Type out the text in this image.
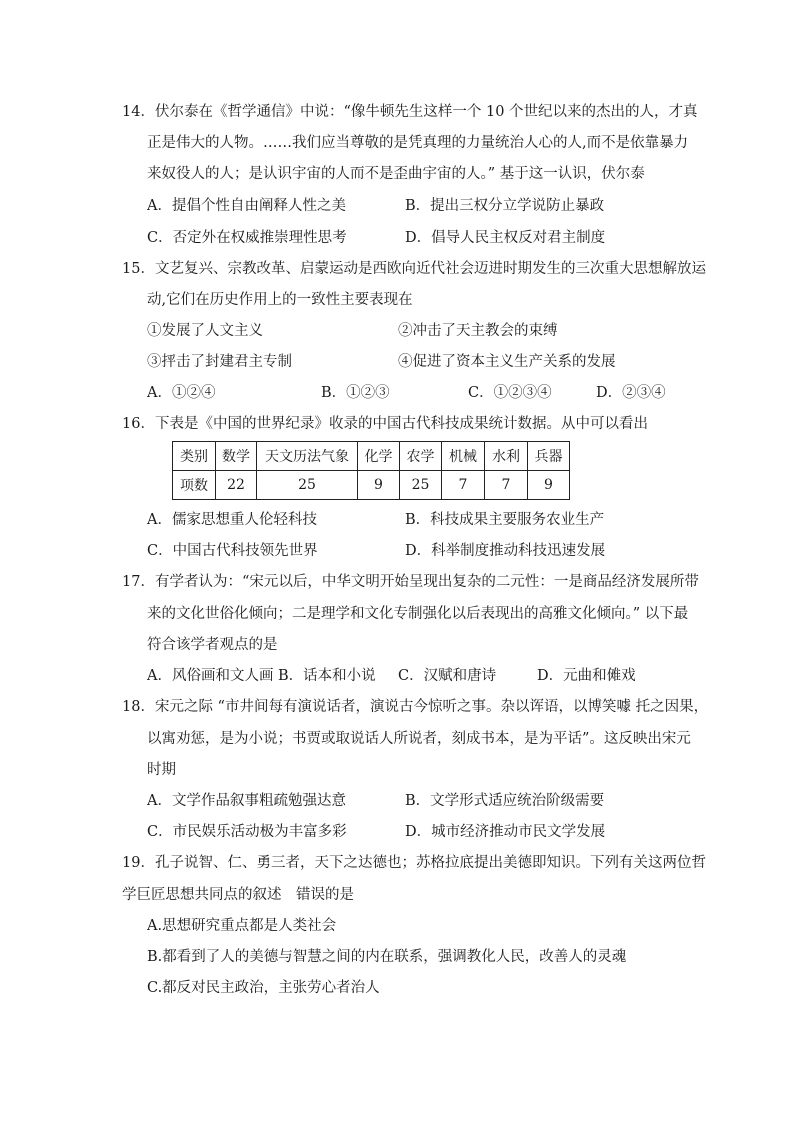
14．伏尔泰在《哲学通信》中说：“像牛顿先生这样一个 10 个世纪以来的杰出的人，才真
正是伟大的人物。……我们应当尊敬的是凭真理的力量统治人心的人,而不是依靠暴力
来奴役人的人；是认识宇宙的人而不是歪曲宇宙的人。” 基于这一认识，伏尔泰
A．提倡个性自由阐释人性之美	B．提出三权分立学说防止暴政
C．否定外在权威推崇理性思考	D．倡导人民主权反对君主制度
15．文艺复兴、宗教改革、启蒙运动是西欧向近代社会迈进时期发生的三次重大思想解放运
动,它们在历史作用上的一致性主要表现在
①发展了人文主义	②冲击了天主教会的束缚
③抨击了封建君主专制	④促进了资本主义生产关系的发展
A．①②④	B．①②③	C．①②③④	D．②③④
16．下表是《中国的世界纪录》收录的中国古代科技成果统计数据。从中可以看出
类别	数学	天文历法气象	化学	农学	机械	水利	兵器
项数	22	25	9	25	7	7	9
A．儒家思想重人伦轻科技	B．科技成果主要服务农业生产
C．中国古代科技领先世界	D．科举制度推动科技迅速发展
17．有学者认为：“宋元以后，中华文明开始呈现出复杂的二元性：一是商品经济发展所带
来的文化世俗化倾向；二是理学和文化专制强化以后表现出的高雅文化倾向。” 以下最
符合该学者观点的是
A．风俗画和文人画 B．话本和小说 C．汉赋和唐诗	D．元曲和傩戏
18．宋元之际 “市井间每有演说话者，演说古今惊听之事。杂以诨语，以博笑噱 托之因果，
以寓劝惩，是为小说；书贾或取说话人所说者，刻成书本，是为平话”。这反映出宋元
时期
A．文学作品叙事粗疏勉强达意	B．文学形式适应统治阶级需要
C．市民娱乐活动极为丰富多彩	D．城市经济推动市民文学发展
19．孔子说智、仁、勇三者，天下之达德也；苏格拉底提出美德即知识。下列有关这两位哲
学巨匠思想共同点的叙述　错误的是
A.思想研究重点都是人类社会
B.都看到了人的美德与智慧之间的内在联系，强调教化人民，改善人的灵魂
C.都反对民主政治，主张劳心者治人
